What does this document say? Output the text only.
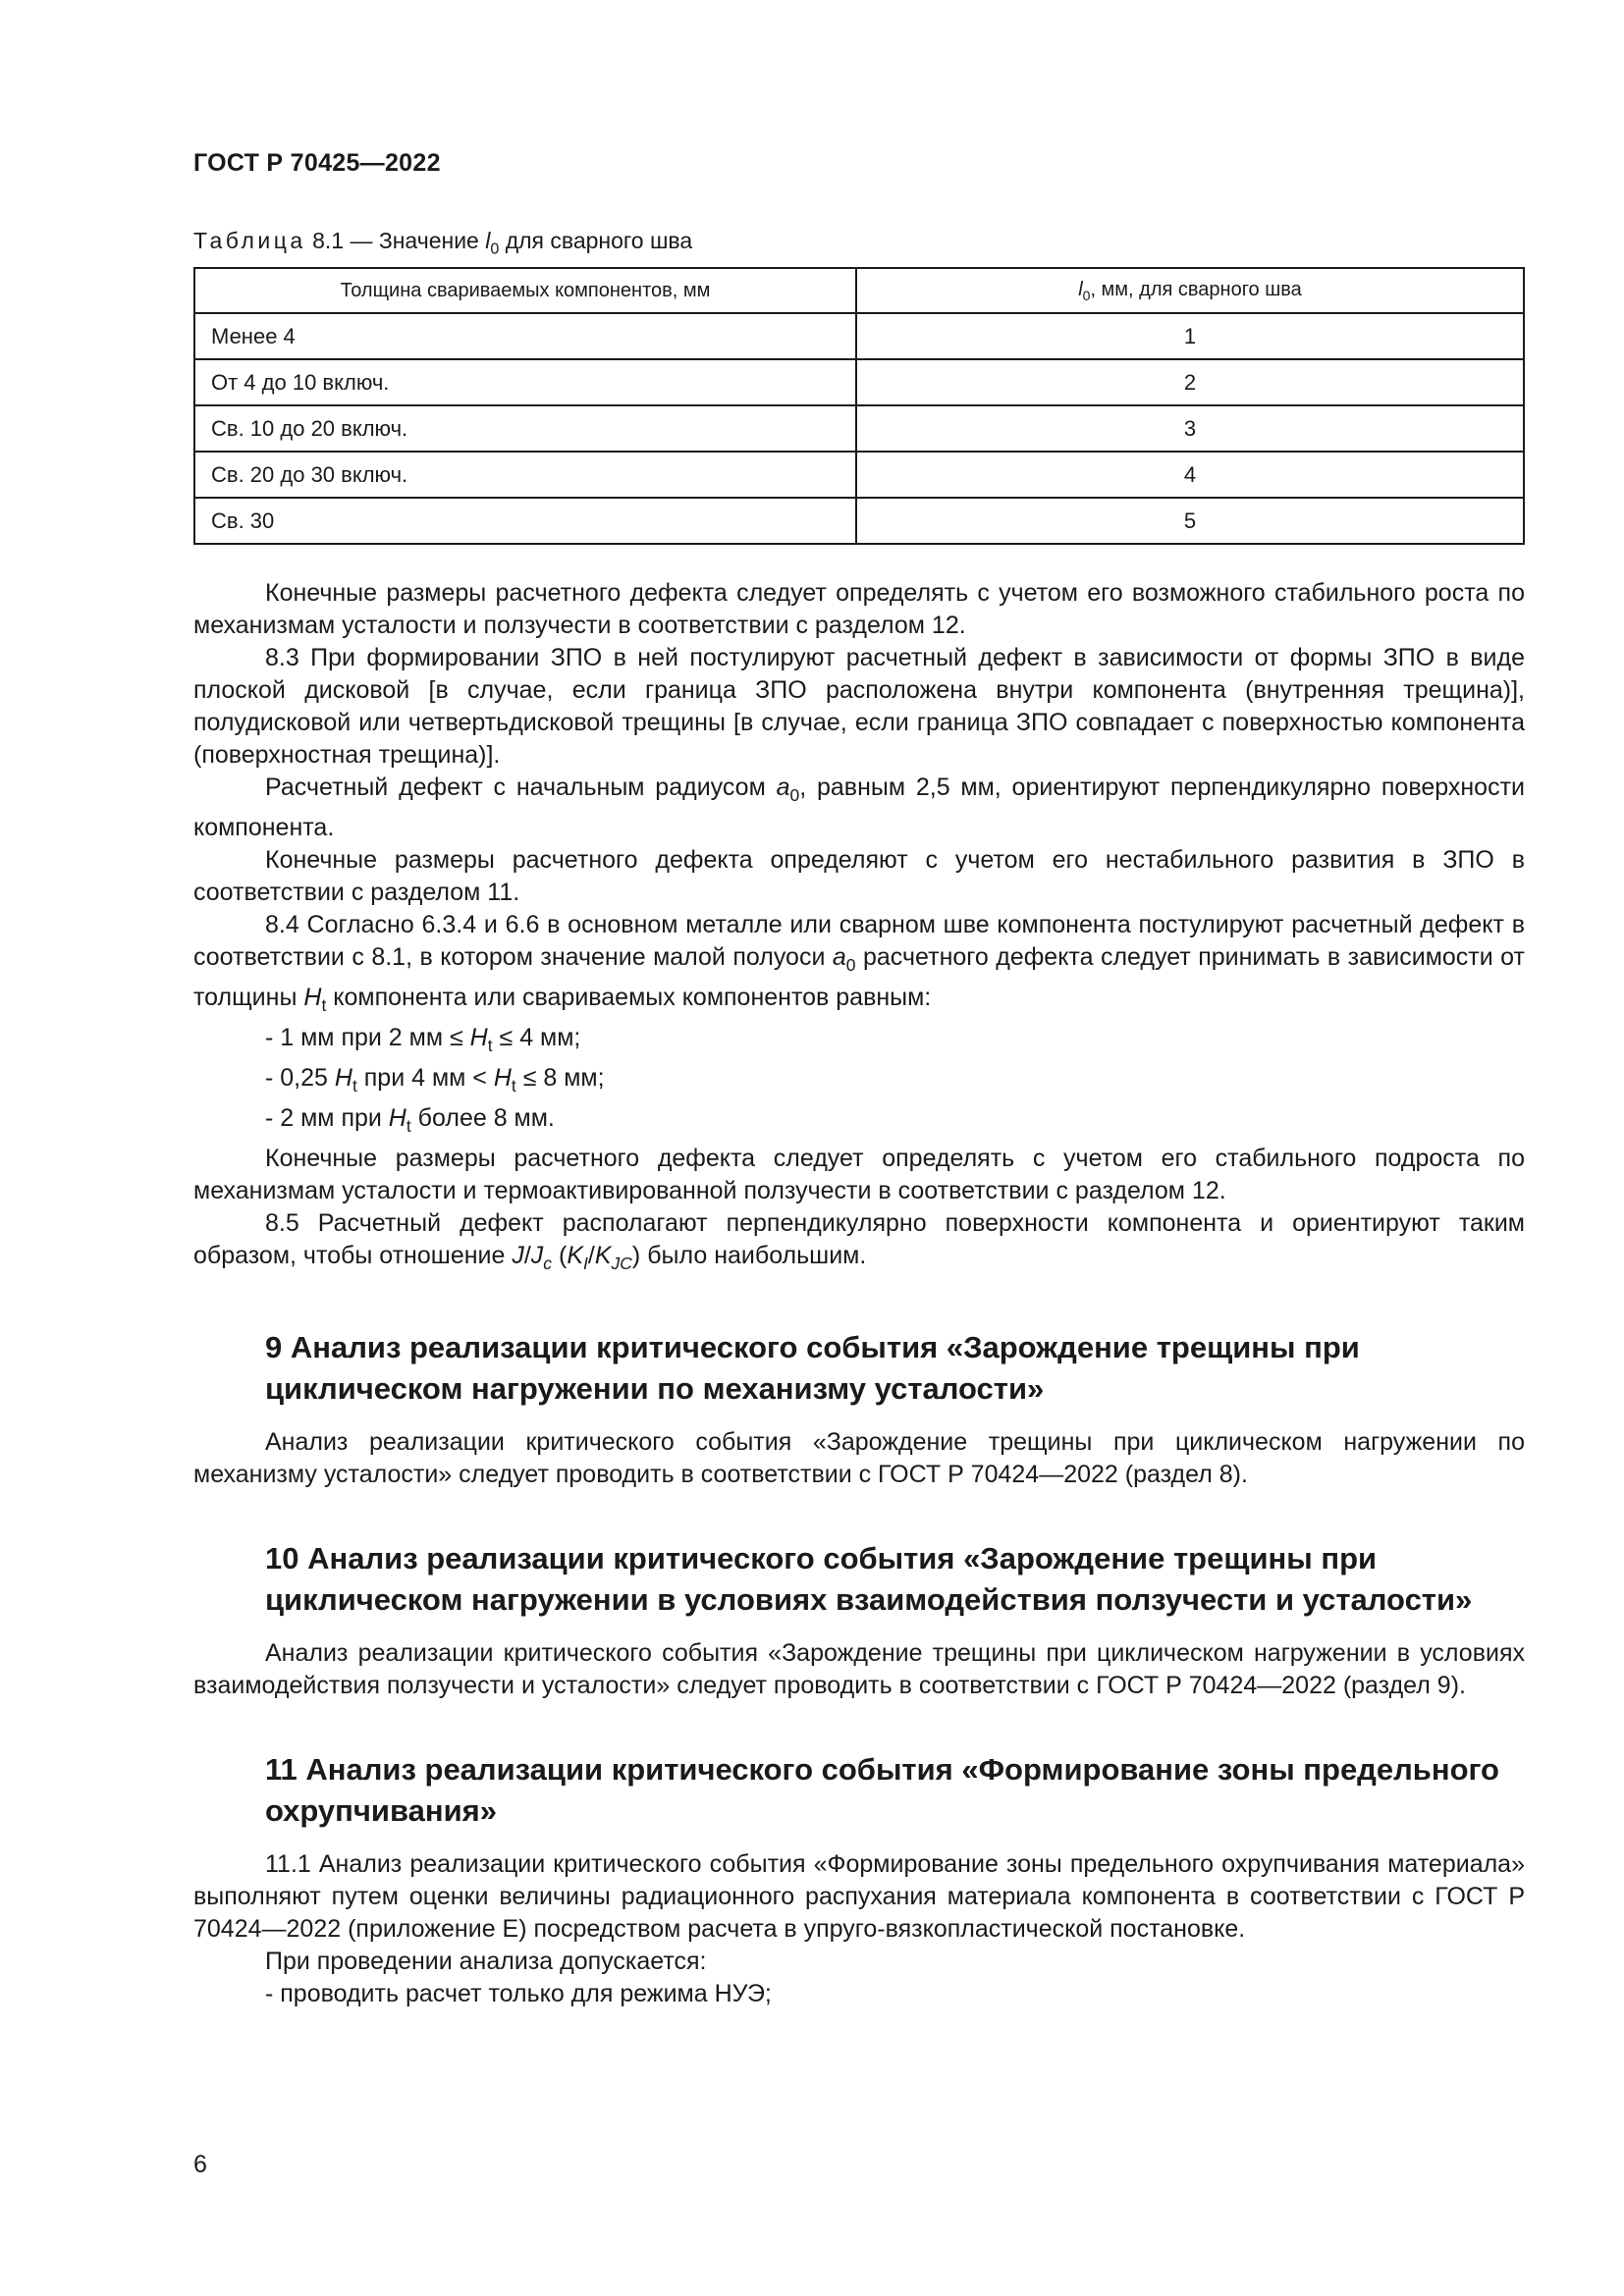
ГОСТ Р 70425—2022
Таблица 8.1 — Значение $l_0$ для сварного шва
Толщина свариваемых компонентов, мм	$l_0$, мм, для сварного шва
Менее 4	1
От 4 до 10 включ.	2
Св. 10 до 20 включ.	3
Св. 20 до 30 включ.	4
Св. 30	5

Конечные размеры расчетного дефекта следует определять с учетом его возможного стабильного роста по механизмам усталости и ползучести в соответствии с разделом 12.

8.3 При формировании ЗПО в ней постулируют расчетный дефект в зависимости от формы ЗПО в виде плоской дисковой [в случае, если граница ЗПО расположена внутри компонента (внутренняя трещина)], полудисковой или четвертьдисковой трещины [в случае, если граница ЗПО совпадает с поверхностью компонента (поверхностная трещина)].

Расчетный дефект с начальным радиусом $a_0$, равным 2,5 мм, ориентируют перпендикулярно поверхности компонента.

Конечные размеры расчетного дефекта определяют с учетом его нестабильного развития в ЗПО в соответствии с разделом 11.

8.4 Согласно 6.3.4 и 6.6 в основном металле или сварном шве компонента постулируют расчетный дефект в соответствии с 8.1, в котором значение малой полуоси $a_0$ расчетного дефекта следует принимать в зависимости от толщины $H_t$ компонента или свариваемых компонентов равным:

- 1 мм при 2 мм ≤ $H_t \le 4$ мм;

- 0,25 $H_t$ при 4 мм < $H_t \le 8$ мм;

- 2 мм при $H_t$ более 8 мм.

Конечные размеры расчетного дефекта следует определять с учетом его стабильного подроста по механизмам усталости и термоактивированной ползучести в соответствии с разделом 12.

8.5 Расчетный дефект располагают перпендикулярно поверхности компонента и ориентируют таким образом, чтобы отношение $J/J_c$ $(K_I/K_{JC})$ было наибольшим.

9 Анализ реализации критического события «Зарождение трещины при циклическом нагружении по механизму усталости»

Анализ реализации критического события «Зарождение трещины при циклическом нагружении по механизму усталости» следует проводить в соответствии с ГОСТ Р 70424—2022 (раздел 8).

10 Анализ реализации критического события «Зарождение трещины при циклическом нагружении в условиях взаимодействия ползучести и усталости»

Анализ реализации критического события «Зарождение трещины при циклическом нагружении в условиях взаимодействия ползучести и усталости» следует проводить в соответствии с ГОСТ Р 70424—2022 (раздел 9).

11 Анализ реализации критического события «Формирование зоны предельного охрупчивания»

11.1 Анализ реализации критического события «Формирование зоны предельного охрупчивания материала» выполняют путем оценки величины радиационного распухания материала компонента в соответствии с ГОСТ Р 70424—2022 (приложение Е) посредством расчета в упруго-вязкопластической постановке.

При проведении анализа допускается:

- проводить расчет только для режима НУЭ;

6
